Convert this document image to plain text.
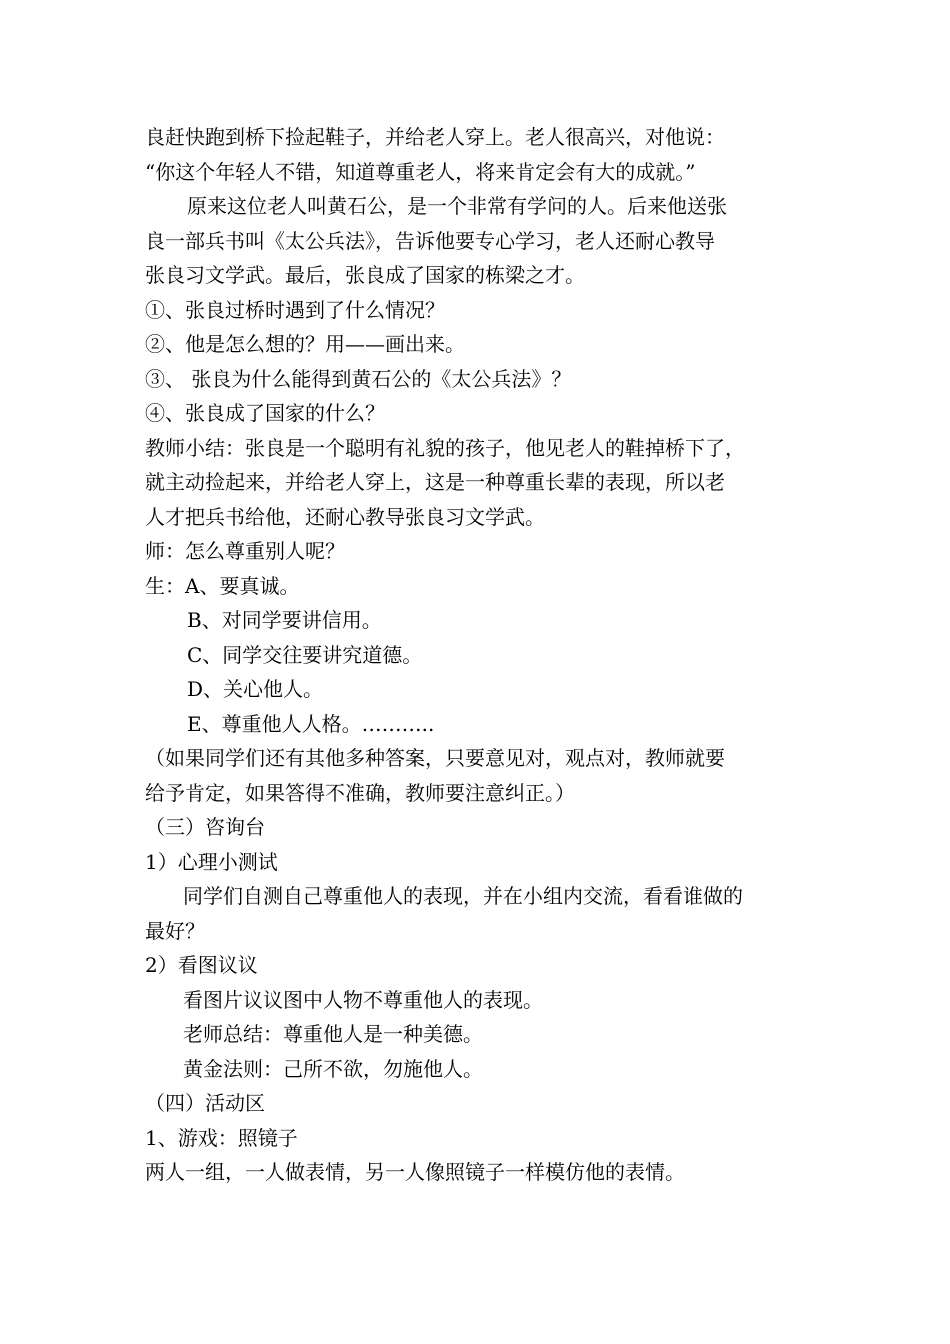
良赶快跑到桥下捡起鞋子，并给老人穿上。老人很高兴，对他说：

“你这个年轻人不错，知道尊重老人，将来肯定会有大的成就。”

原来这位老人叫黄石公，是一个非常有学问的人。后来他送张

良一部兵书叫《太公兵法》，告诉他要专心学习，老人还耐心教导

张良习文学武。最后，张良成了国家的栋梁之才。

①、张良过桥时遇到了什么情况？

②、他是怎么想的？用——画出来。

③、 张良为什么能得到黄石公的《太公兵法》？

④、张良成了国家的什么？

教师小结：张良是一个聪明有礼貌的孩子，他见老人的鞋掉桥下了，

就主动捡起来，并给老人穿上，这是一种尊重长辈的表现，所以老

人才把兵书给他，还耐心教导张良习文学武。

师：怎么尊重别人呢？

生：A、要真诚。

B、对同学要讲信用。

C、同学交往要讲究道德。

D、关心他人。

E、尊重他人人格。………..

（如果同学们还有其他多种答案，只要意见对，观点对，教师就要

给予肯定，如果答得不准确，教师要注意纠正。）

（三）咨询台

1）心理小测试

同学们自测自己尊重他人的表现，并在小组内交流，看看谁做的

最好？

2）看图议议

看图片议议图中人物不尊重他人的表现。

老师总结：尊重他人是一种美德。

黄金法则：己所不欲，勿施他人。

（四）活动区

1、游戏：照镜子

两人一组，一人做表情，另一人像照镜子一样模仿他的表情。
